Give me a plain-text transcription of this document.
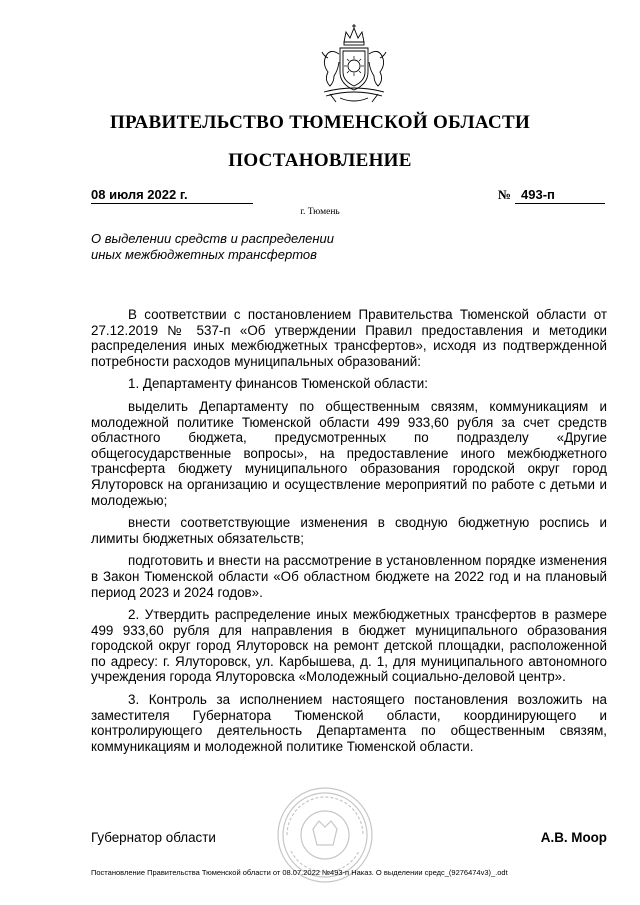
ПРАВИТЕЛЬСТВО ТЮМЕНСКОЙ ОБЛАСТИ
ПОСТАНОВЛЕНИЕ
08 июля 2022 г.	№ 493-п
г. Тюмень
О выделении средств и распределении
иных межбюджетных трансфертов

В соответствии с постановлением Правительства Тюменской области от 27.12.2019 № 537-п «Об утверждении Правил предоставления и методики распределения иных межбюджетных трансфертов», исходя из подтвержденной потребности расходов муниципальных образований:

1. Департаменту финансов Тюменской области:

выделить Департаменту по общественным связям, коммуникациям и молодежной политике Тюменской области 499 933,60 рубля за счет средств областного бюджета, предусмотренных по подразделу «Другие общегосударственные вопросы», на предоставление иного межбюджетного трансферта бюджету муниципального образования городской округ город Ялуторовск на организацию и осуществление мероприятий по работе с детьми и молодежью;

внести соответствующие изменения в сводную бюджетную роспись и лимиты бюджетных обязательств;

подготовить и внести на рассмотрение в установленном порядке изменения в Закон Тюменской области «Об областном бюджете на 2022 год и на плановый период 2023 и 2024 годов».

2. Утвердить распределение иных межбюджетных трансфертов в размере 499 933,60 рубля для направления в бюджет муниципального образования городской округ город Ялуторовск на ремонт детской площадки, расположенной по адресу: г. Ялуторовск, ул. Карбышева, д. 1, для муниципального автономного учреждения города Ялуторовска «Молодежный социально-деловой центр».

3. Контроль за исполнением настоящего постановления возложить на заместителя Губернатора Тюменской области, координирующего и контролирующего деятельность Департамента по общественным связям, коммуникациям и молодежной политике Тюменской области.

Губернатор области	А.В. Моор
Постановление Правительства Тюменской области от 08.07.2022 №493-п Наказ. О выделении средс_(9276474v3)_.odt
